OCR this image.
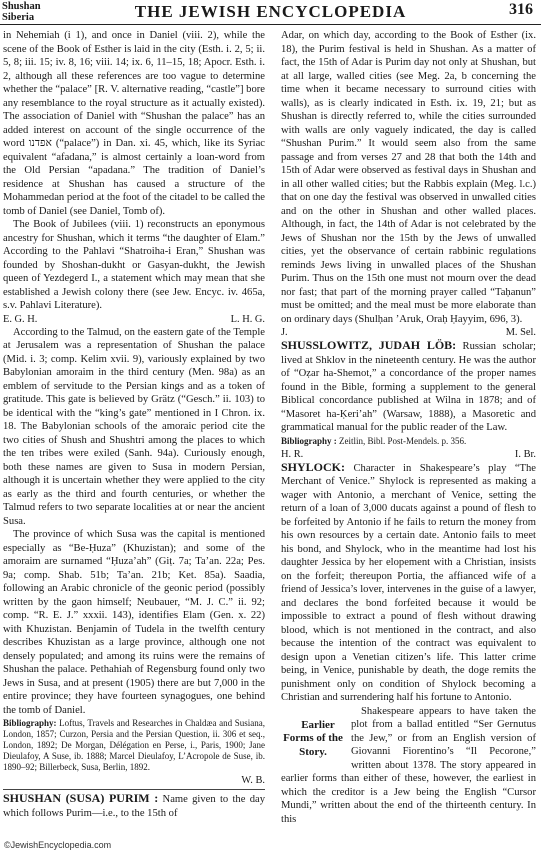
Shushan
Siberia	THE JEWISH ENCYCLOPEDIA	316

in Nehemiah (i 1), and once in Daniel (viii. 2), while the scene of the Book of Esther is laid in the city (Esth. i. 2, 5; ii. 5, 8; iii. 15; iv. 8, 16; viii. 14; ix. 6, 11–15, 18; Apocr. Esth. i. 2, although all these references are too vague to determine whether the “palace” [R. V. alternative reading, “castle”] bore any resemblance to the royal structure as it actually existed). The association of Daniel with “Shushan the palace” has an added interest on account of the single occurrence of the word אפדנו (“palace”) in Dan. xi. 45, which, like its Syriac equivalent “afadana,” is almost certainly a loan-word from the Old Persian “apadana.” The tradition of Daniel’s residence at Shushan has caused a structure of the Mohammedan period at the foot of the citadel to be called the tomb of Daniel (see Daniel, Tomb of).

The Book of Jubilees (viii. 1) reconstructs an eponymous ancestry for Shushan, which it terms “the daughter of Elam.” According to the Pahlavi “Shatroiha-i Eran,” Shushan was founded by Shoshan-dukht or Gasyan-dukht, the Jewish queen of Yezdegerd I., a statement which may mean that she established a Jewish colony there (see Jew. Encyc. iv. 465a, s.v. Pahlavi Literature).

E. G. H.	L. H. G.

According to the Talmud, on the eastern gate of the Temple at Jerusalem was a representation of Shushan the palace (Mid. i. 3; comp. Kelim xvii. 9), variously explained by two Babylonian amoraim in the third century (Men. 98a) as an emblem of servitude to the Persian kings and as a token of gratitude. This gate is believed by Grätz (“Gesch.” ii. 103) to be identical with the “king’s gate” mentioned in I Chron. ix. 18. The Babylonian schools of the amoraic period cite the two cities of Shush and Shushtri among the places to which the ten tribes were exiled (Sanh. 94a). Curiously enough, both these names are given to Susa in modern Persian, although it is uncertain whether they were applied to the city as early as the third and fourth centuries, or whether the Talmud refers to two separate localities at or near the ancient Susa.

The province of which Susa was the capital is mentioned especially as “Be-Ḥuza” (Khuzistan); and some of the amoraim are surnamed “Ḥuza’ah” (Giṭ. 7a; Ta’an. 22a; Pes. 9a; comp. Shab. 51b; Ta’an. 21b; Ket. 85a). Saadia, following an Arabic chronicle of the geonic period (possibly written by the gaon himself; Neubauer, “M. J. C.” ii. 92; comp. “R. E. J.” xxxii. 143), identifies Elam (Gen. x. 22) with Khuzistan. Benjamin of Tudela in the twelfth century describes Khuzistan as a large province, although one not densely populated; and among its ruins were the remains of Shushan the palace. Pethahiah of Regensburg found only two Jews in Susa, and at present (1905) there are but 7,000 in the entire province; they have fourteen synagogues, one behind the tomb of Daniel.

Bibliography: Loftus, Travels and Researches in Chaldæa and Susiana, London, 1857; Curzon, Persia and the Persian Question, ii. 306 et seq., London, 1892; De Morgan, Délégation en Perse, i., Paris, 1900; Jane Dieulafoy, A Suse, ib. 1888; Marcel Dieulafoy, L’Acropole de Suse, ib. 1890–92; Billerbeck, Susa, Berlin, 1892.
W. B.

SHUSHAN (SUSA) PURIM : Name given to the day which follows Purim—i.e., to the 15th of

Adar, on which day, according to the Book of Esther (ix. 18), the Purim festival is held in Shushan. As a matter of fact, the 15th of Adar is Purim day not only at Shushan, but at all large, walled cities (see Meg. 2a, b concerning the time when it became necessary to surround cities with walls), as is clearly indicated in Esth. ix. 19, 21; but as Shushan is directly referred to, while the cities surrounded with walls are only vaguely indicated, the day is called “Shushan Purim.” It would seem also from the same passage and from verses 27 and 28 that both the 14th and 15th of Adar were observed as festival days in Shushan and in all other walled cities; but the Rabbis explain (Meg. l.c.) that on one day the festival was observed in unwalled cities and on the other in Shushan and other walled places. Although, in fact, the 14th of Adar is not celebrated by the Jews of Shushan nor the 15th by the Jews of unwalled cities, yet the observance of certain rabbinic regulations reminds Jews living in unwalled places of the Shushan Purim. Thus on the 15th one must not mourn over the dead nor fast; that part of the morning prayer called “Taḥanun” must be omitted; and the meal must be more elaborate than on ordinary days (Shulḥan ’Aruk, Oraḥ Ḥayyim, 696, 3).

J.	M. Sel.

SHUSSLOWITZ, JUDAH LÖB: Russian scholar; lived at Shklov in the nineteenth century. He was the author of “Oẓar ha-Shemot,” a concordance of the proper names found in the Bible, forming a supplement to the general Biblical concordance published at Wilna in 1878; and of “Masoret ha-Ḳeri’ah” (Warsaw, 1888), a Masoretic and grammatical manual for the public reader of the Law.

Bibliography : Zeitlin, Bibl. Post-Mendels. p. 356.
H. R.	I. Br.

SHYLOCK: Character in Shakespeare’s play “The Merchant of Venice.” Shylock is represented as making a wager with Antonio, a merchant of Venice, setting the return of a loan of 3,000 ducats against a pound of flesh to be forfeited by Antonio if he fails to return the money from his own resources by a certain date. Antonio fails to meet his bond, and Shylock, who in the meantime had lost his daughter Jessica by her elopement with a Christian, insists on the forfeit; thereupon Portia, the affianced wife of a friend of Jessica’s lover, intervenes in the guise of a lawyer, and declares the bond forfeited because it would be impossible to extract a pound of flesh without drawing blood, which is not mentioned in the contract, and also because the intention of the contract was equivalent to design upon a Venetian citizen’s life. This latter crime being, in Venice, punishable by death, the doge remits the punishment only on condition of Shylock becoming a Christian and surrendering half his fortune to Antonio.

Earlier Forms of the Story.
Shakespeare appears to have taken the plot from a ballad entitled “Ser Gernutus the Jew,” or from an English version of Giovanni Fiorentino’s “Il Pecorone,” written about 1378. The story appeared in earlier forms than either of these, however, the earliest in which the creditor is a Jew being the English “Cursor Mundi,” written about the end of the thirteenth century. In this

©JewishEncyclopedia.com
